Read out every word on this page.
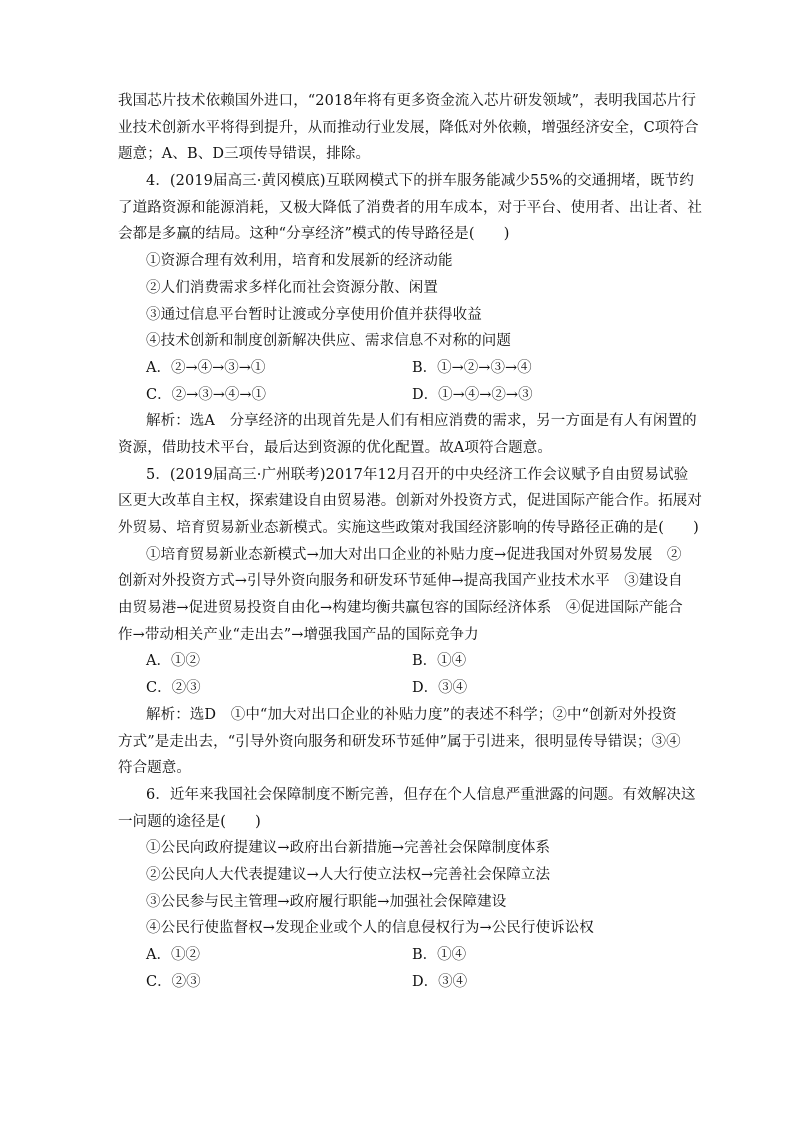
我国芯片技术依赖国外进口，“2018年将有更多资金流入芯片研发领域”，表明我国芯片行
业技术创新水平将得到提升，从而推动行业发展，降低对外依赖，增强经济安全，C项符合
题意；A、B、D三项传导错误，排除。
4．(2019届高三·黄冈模底)互联网模式下的拼车服务能减少55%的交通拥堵，既节约
了道路资源和能源消耗，又极大降低了消费者的用车成本，对于平台、使用者、出让者、社
会都是多赢的结局。这种“分享经济”模式的传导路径是(　　)
①资源合理有效利用，培育和发展新的经济动能
②人们消费需求多样化而社会资源分散、闲置
③通过信息平台暂时让渡或分享使用价值并获得收益
④技术创新和制度创新解决供应、需求信息不对称的问题
A．②→④→③→①	B．①→②→③→④
C．②→③→④→①	D．①→④→②→③
解析：选A　分享经济的出现首先是人们有相应消费的需求，另一方面是有人有闲置的
资源，借助技术平台，最后达到资源的优化配置。故A项符合题意。
5．(2019届高三·广州联考)2017年12月召开的中央经济工作会议赋予自由贸易试验
区更大改革自主权，探索建设自由贸易港。创新对外投资方式，促进国际产能合作。拓展对
外贸易、培育贸易新业态新模式。实施这些政策对我国经济影响的传导路径正确的是(　　)
①培育贸易新业态新模式→加大对出口企业的补贴力度→促进我国对外贸易发展　②
创新对外投资方式→引导外资向服务和研发环节延伸→提高我国产业技术水平　③建设自
由贸易港→促进贸易投资自由化→构建均衡共赢包容的国际经济体系　④促进国际产能合
作→带动相关产业“走出去”→增强我国产品的国际竞争力
A．①②	B．①④
C．②③	D．③④
解析：选D　①中“加大对出口企业的补贴力度”的表述不科学；②中“创新对外投资
方式”是走出去，“引导外资向服务和研发环节延伸”属于引进来，很明显传导错误；③④
符合题意。
6．近年来我国社会保障制度不断完善，但存在个人信息严重泄露的问题。有效解决这
一问题的途径是(　　)
①公民向政府提建议→政府出台新措施→完善社会保障制度体系
②公民向人大代表提建议→人大行使立法权→完善社会保障立法
③公民参与民主管理→政府履行职能→加强社会保障建设
④公民行使监督权→发现企业或个人的信息侵权行为→公民行使诉讼权
A．①②	B．①④
C．②③	D．③④
